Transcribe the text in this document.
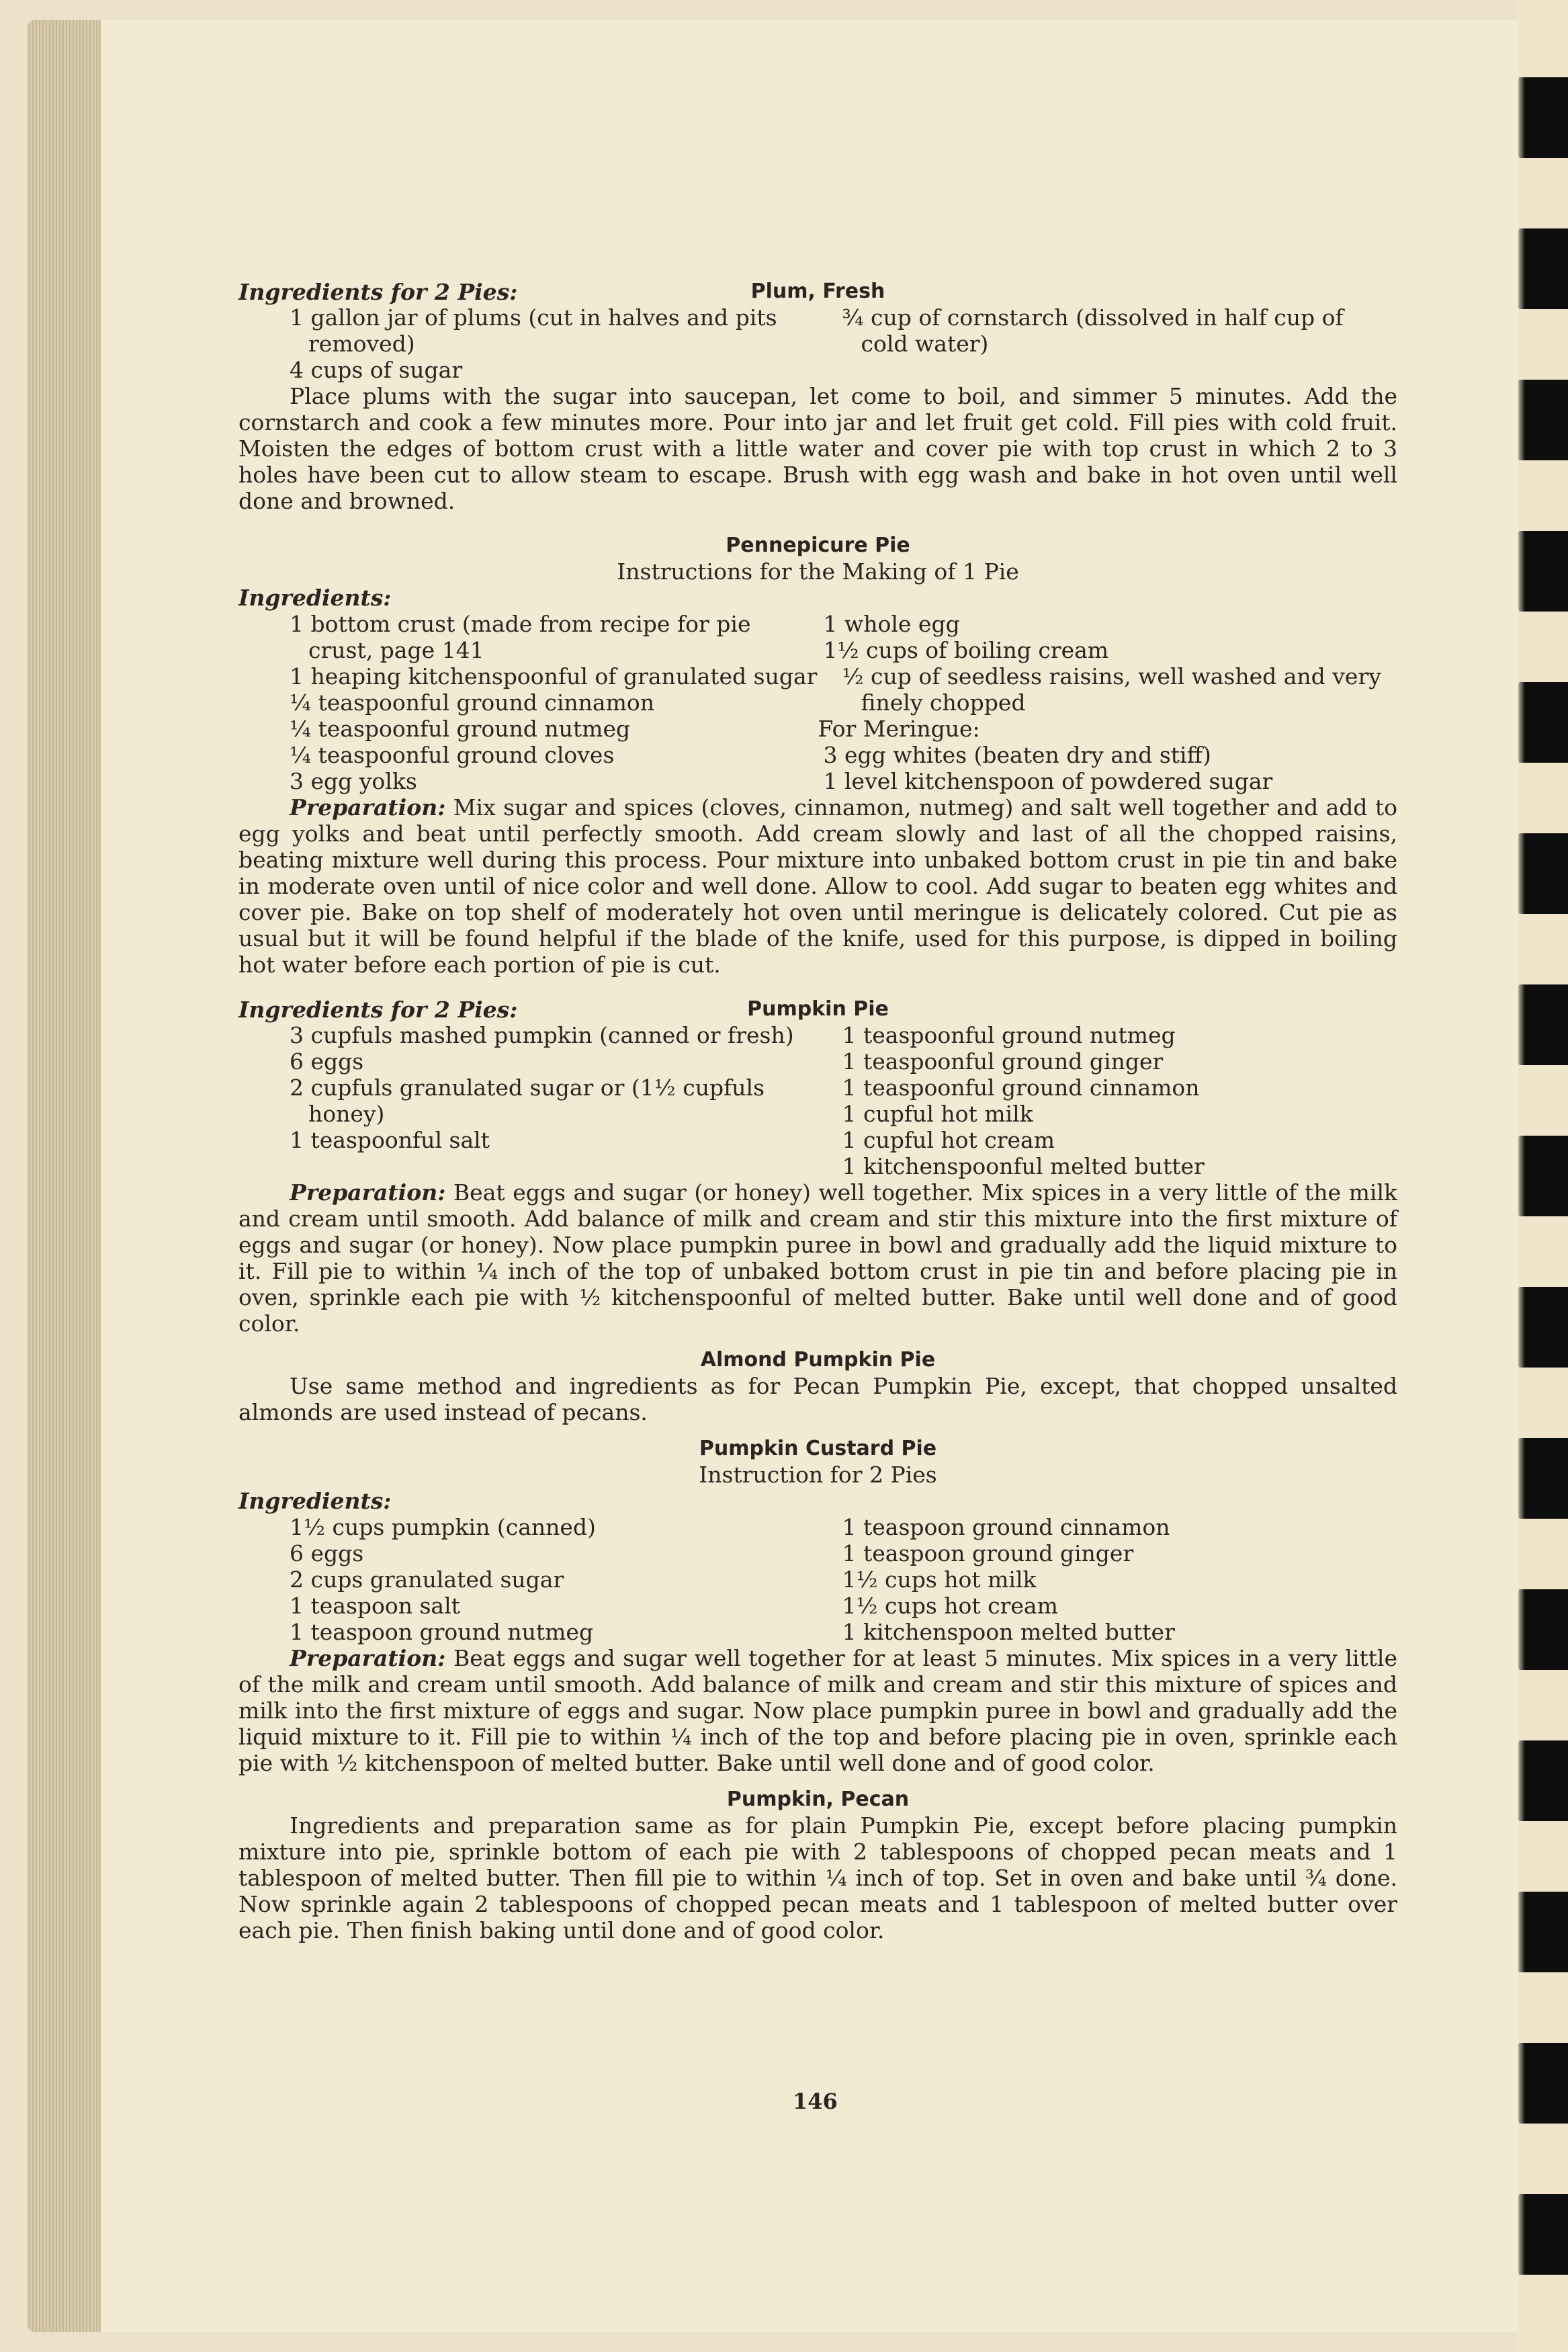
Ingredients for 2 Pies:	Plum, Fresh
1 gallon jar of plums (cut in halves and pits removed)
4 cups of sugar
¾ cup of cornstarch (dissolved in half cup of cold water)

Place plums with the sugar into saucepan, let come to boil, and simmer 5 minutes. Add the cornstarch and cook a few minutes more. Pour into jar and let fruit get cold. Fill pies with cold fruit. Moisten the edges of bottom crust with a little water and cover pie with top crust in which 2 to 3 holes have been cut to allow steam to escape. Brush with egg wash and bake in hot oven until well done and browned.

Pennepicure Pie
Instructions for the Making of 1 Pie
Ingredients:
1 bottom crust (made from recipe for pie crust, page 141
1 heaping kitchenspoonful of granulated sugar
¼ teaspoonful ground cinnamon
¼ teaspoonful ground nutmeg
¼ teaspoonful ground cloves
3 egg yolks
1 whole egg
1½ cups of boiling cream
½ cup of seedless raisins, well washed and very finely chopped
For Meringue:
3 egg whites (beaten dry and stiff)
1 level kitchenspoon of powdered sugar

Preparation: Mix sugar and spices (cloves, cinnamon, nutmeg) and salt well together and add to egg yolks and beat until perfectly smooth. Add cream slowly and last of all the chopped raisins, beating mixture well during this process. Pour mixture into unbaked bottom crust in pie tin and bake in moderate oven until of nice color and well done. Allow to cool. Add sugar to beaten egg whites and cover pie. Bake on top shelf of moderately hot oven until meringue is delicately colored. Cut pie as usual but it will be found helpful if the blade of the knife, used for this purpose, is dipped in boiling hot water before each portion of pie is cut.

Ingredients for 2 Pies:	Pumpkin Pie
3 cupfuls mashed pumpkin (canned or fresh)
6 eggs
2 cupfuls granulated sugar or (1½ cupfuls honey)
1 teaspoonful salt
1 teaspoonful ground nutmeg
1 teaspoonful ground ginger
1 teaspoonful ground cinnamon
1 cupful hot milk
1 cupful hot cream
1 kitchenspoonful melted butter

Preparation: Beat eggs and sugar (or honey) well together. Mix spices in a very little of the milk and cream until smooth. Add balance of milk and cream and stir this mixture into the first mixture of eggs and sugar (or honey). Now place pumpkin puree in bowl and gradually add the liquid mixture to it. Fill pie to within ¼ inch of the top of unbaked bottom crust in pie tin and before placing pie in oven, sprinkle each pie with ½ kitchenspoonful of melted butter. Bake until well done and of good color.

Almond Pumpkin Pie

Use same method and ingredients as for Pecan Pumpkin Pie, except, that chopped unsalted almonds are used instead of pecans.

Pumpkin Custard Pie
Instruction for 2 Pies
Ingredients:
1½ cups pumpkin (canned)
6 eggs
2 cups granulated sugar
1 teaspoon salt
1 teaspoon ground nutmeg
1 teaspoon ground cinnamon
1 teaspoon ground ginger
1½ cups hot milk
1½ cups hot cream
1 kitchenspoon melted butter

Preparation: Beat eggs and sugar well together for at least 5 minutes. Mix spices in a very little of the milk and cream until smooth. Add balance of milk and cream and stir this mixture of spices and milk into the first mixture of eggs and sugar. Now place pumpkin puree in bowl and gradually add the liquid mixture to it. Fill pie to within ¼ inch of the top and before placing pie in oven, sprinkle each pie with ½ kitchenspoon of melted butter. Bake until well done and of good color.

Pumpkin, Pecan

Ingredients and preparation same as for plain Pumpkin Pie, except before placing pumpkin mixture into pie, sprinkle bottom of each pie with 2 tablespoons of chopped pecan meats and 1 tablespoon of melted butter. Then fill pie to within ¼ inch of top. Set in oven and bake until ¾ done. Now sprinkle again 2 tablespoons of chopped pecan meats and 1 tablespoon of melted butter over each pie. Then finish baking until done and of good color.

146
